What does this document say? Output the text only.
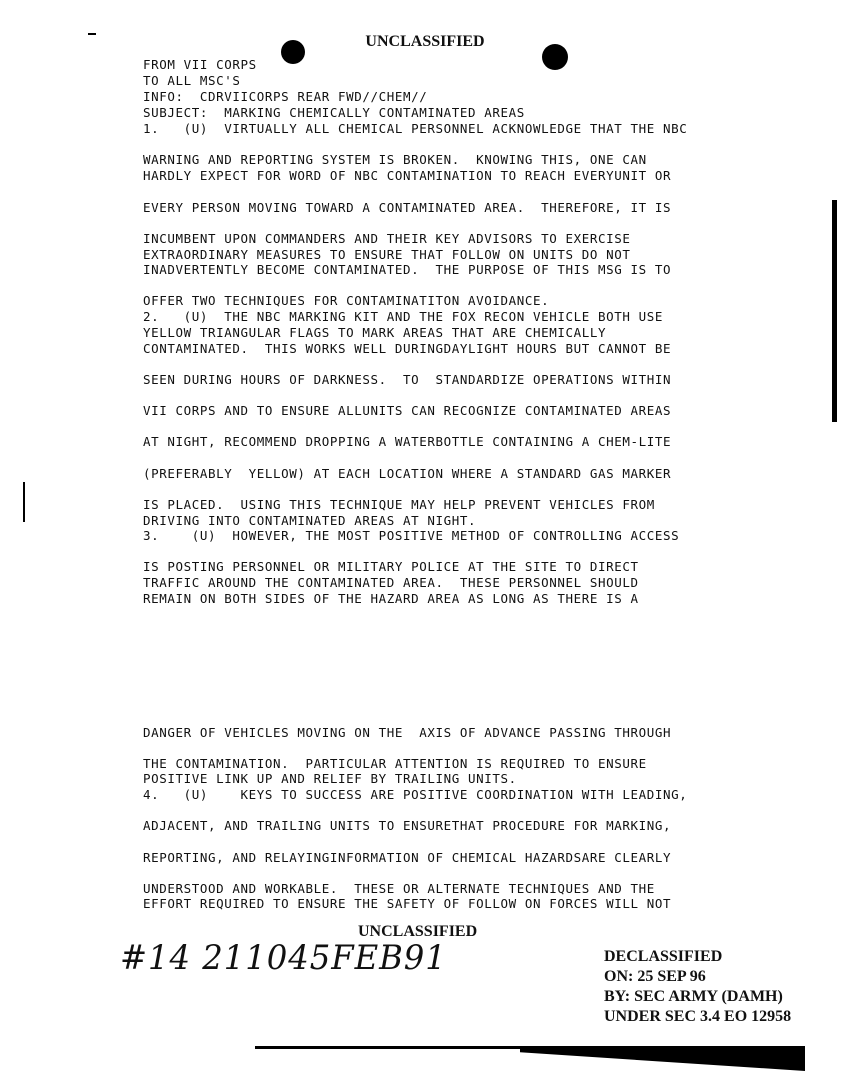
UNCLASSIFIED
FROM VII CORPS
TO ALL MSC'S
INFO:  CDRVIICORPS REAR FWD//CHEM//
SUBJECT:  MARKING CHEMICALLY CONTAMINATED AREAS
1.   (U)  VIRTUALLY ALL CHEMICAL PERSONNEL ACKNOWLEDGE THAT THE NBC
WARNING AND REPORTING SYSTEM IS BROKEN.  KNOWING THIS, ONE CAN
HARDLY EXPECT FOR WORD OF NBC CONTAMINATION TO REACH EVERYUNIT OR
EVERY PERSON MOVING TOWARD A CONTAMINATED AREA.  THEREFORE, IT IS
INCUMBENT UPON COMMANDERS AND THEIR KEY ADVISORS TO EXERCISE
EXTRAORDINARY MEASURES TO ENSURE THAT FOLLOW ON UNITS DO NOT
INADVERTENTLY BECOME CONTAMINATED.  THE PURPOSE OF THIS MSG IS TO
OFFER TWO TECHNIQUES FOR CONTAMINATITON AVOIDANCE.
2.   (U)  THE NBC MARKING KIT AND THE FOX RECON VEHICLE BOTH USE
YELLOW TRIANGULAR FLAGS TO MARK AREAS THAT ARE CHEMICALLY
CONTAMINATED.  THIS WORKS WELL DURINGDAYLIGHT HOURS BUT CANNOT BE
SEEN DURING HOURS OF DARKNESS.  TO  STANDARDIZE OPERATIONS WITHIN
VII CORPS AND TO ENSURE ALLUNITS CAN RECOGNIZE CONTAMINATED AREAS
AT NIGHT, RECOMMEND DROPPING A WATERBOTTLE CONTAINING A CHEM-LITE
(PREFERABLY  YELLOW) AT EACH LOCATION WHERE A STANDARD GAS MARKER
IS PLACED.  USING THIS TECHNIQUE MAY HELP PREVENT VEHICLES FROM
DRIVING INTO CONTAMINATED AREAS AT NIGHT.
3.    (U)  HOWEVER, THE MOST POSITIVE METHOD OF CONTROLLING ACCESS
IS POSTING PERSONNEL OR MILITARY POLICE AT THE SITE TO DIRECT
TRAFFIC AROUND THE CONTAMINATED AREA.  THESE PERSONNEL SHOULD
REMAIN ON BOTH SIDES OF THE HAZARD AREA AS LONG AS THERE IS A
DANGER OF VEHICLES MOVING ON THE  AXIS OF ADVANCE PASSING THROUGH
THE CONTAMINATION.  PARTICULAR ATTENTION IS REQUIRED TO ENSURE
POSITIVE LINK UP AND RELIEF BY TRAILING UNITS.
4.   (U)    KEYS TO SUCCESS ARE POSITIVE COORDINATION WITH LEADING,
ADJACENT, AND TRAILING UNITS TO ENSURETHAT PROCEDURE FOR MARKING,
REPORTING, AND RELAYINGINFORMATION OF CHEMICAL HAZARDSARE CLEARLY
UNDERSTOOD AND WORKABLE.  THESE OR ALTERNATE TECHNIQUES AND THE
EFFORT REQUIRED TO ENSURE THE SAFETY OF FOLLOW ON FORCES WILL NOT
UNCLASSIFIED
#14 211045FEB91	DECLASSIFIED
ON: 25 SEP 96
BY: SEC ARMY (DAMH)
UNDER SEC 3.4 EO 12958
